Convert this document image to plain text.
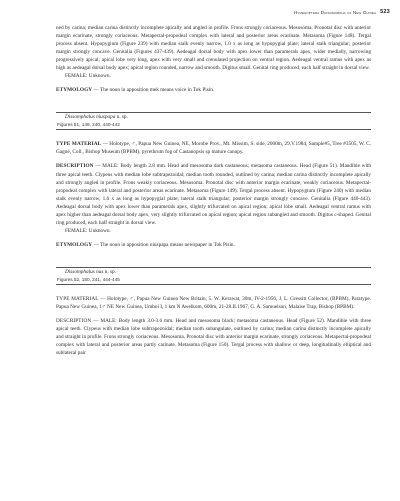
Hymenoptera Diosomorpha of New Guinea 523

ned by carina; median carina distinctly incomplete apically and angled in profile. Frons strongly coriaceous. Mesosoma. Pronotal disc with anterior margin ecarinate, strongly coriaceous. Metapectal-propodeal complex with lateral and posterior areas ecarinate. Metasoma (Figure 148). Tergal process absent. Hypopygium (Figure 239) with median stalk evenly narrow, 1.0 x as long as hypopygial plate; lateral stalk triangular; posterior margin strongly concave. Genitalia (Figures 437-439). Aedeagal dorsal body with apex lower than paramerals apex, wider medially, narrowing progressively apical; apical lobe very long, apex with very small and crenulated projection on ventral region. Aedeagal ventral ramus with apex as high as aedeagal dorsal body apex; apical region rounded, narrow and smooth. Digitus small. Genital ring produced, each half straight in dorsal view.

FEMALE: Unknown.

ETYMOLOGY — The noun in apposition mek means voice in Tok Pisin.

Dissomphalus niuspapa n. sp.
Figures 51, 149, 240, 440-442

TYPE MATERIAL — Holotype, ♂, Papua New Guinea, NE, Morobe Prov., Mt. Missim, S. side, 2000m, 29.V.1984, Sample#5, Tree #3505, W. C. Gagné, Coll., Bishop Museum (BPBM), pyrethrum fog of Castanopsis sp mature canopy.

DESCRIPTION — MALE: Body length 2.8 mm. Head and mesosoma dark castaneous; metasoma castaneous. Head (Figure 51). Mandible with three apical teeth. Clypeus with median lobe subtrapezoidal; median tooth rounded, outlined by carina; median carina distinctly incomplete apically and strongly angled in profile. Frons weakly coriaceous. Mesosoma. Pronotal disc with anterior margin ecarinate, weakly coriaceous. Metapectal-propodeal complex with lateral and posterior areas ecarinate. Metasoma (Figure 149). Tergal process absent. Hypopygium (Figure 240) with median stalk evenly narrow, 1.6 x as long as hypopygial plate; lateral stalk triangular; posterior margin strongly concave. Genitalia (Figure 440-443). Aedeagal dorsal body with apex lower than paramerals apex, slightly trifurcated on apical region; apical lobe small. Aedeagal ventral ramus with apex higher than aedeagal dorsal body apex, very slightly trifurcated on apical region; apical region subangled and smooth. Digitus c-shaped. Genital ring produced, each half straight in dorsal view.

FEMALE: Unknown.

ETYMOLOGY — The noun in apposition niuspapa means newspaper in Tok Pisin.

Dissomphalus nus n. sp.
Figures 52, 150, 241, 444-445

TYPE MATERIAL — Holotype, ♂, Papua New Guinea New Britain, 5. W. Kerawat, 30m, IV-2-1956, J. L. Gressitt Collector, (BPBM). Paratype. Papua New Guinea, 1♂ NE New Guinea, Umboi I, 1 km N Awelkom, 600m, 21-28.II.1967, G. A. Samuelson, Malaise Trap, Bishop (BPBM).

DESCRIPTION — MALE: Body length 3.0-3.6 mm. Head and mesosoma black; metasoma castaneous. Head (Figure 52). Mandible with three apical teeth. Clypeus with median lobe subtrapezoidal; median tooth subangulate, outlined by carina; median carina distinctly incomplete apically and straight in profile. Frons strongly coriaceous. Mesosoma. Pronotal disc with anterior margin ecarinate, strongly coriaceous. Metapectal-propodeal complex with lateral and posterior areas partly carinate. Metasoma (Figure 150). Tergal process with shallow or deep, longitudinally elliptical and sublateral pair
